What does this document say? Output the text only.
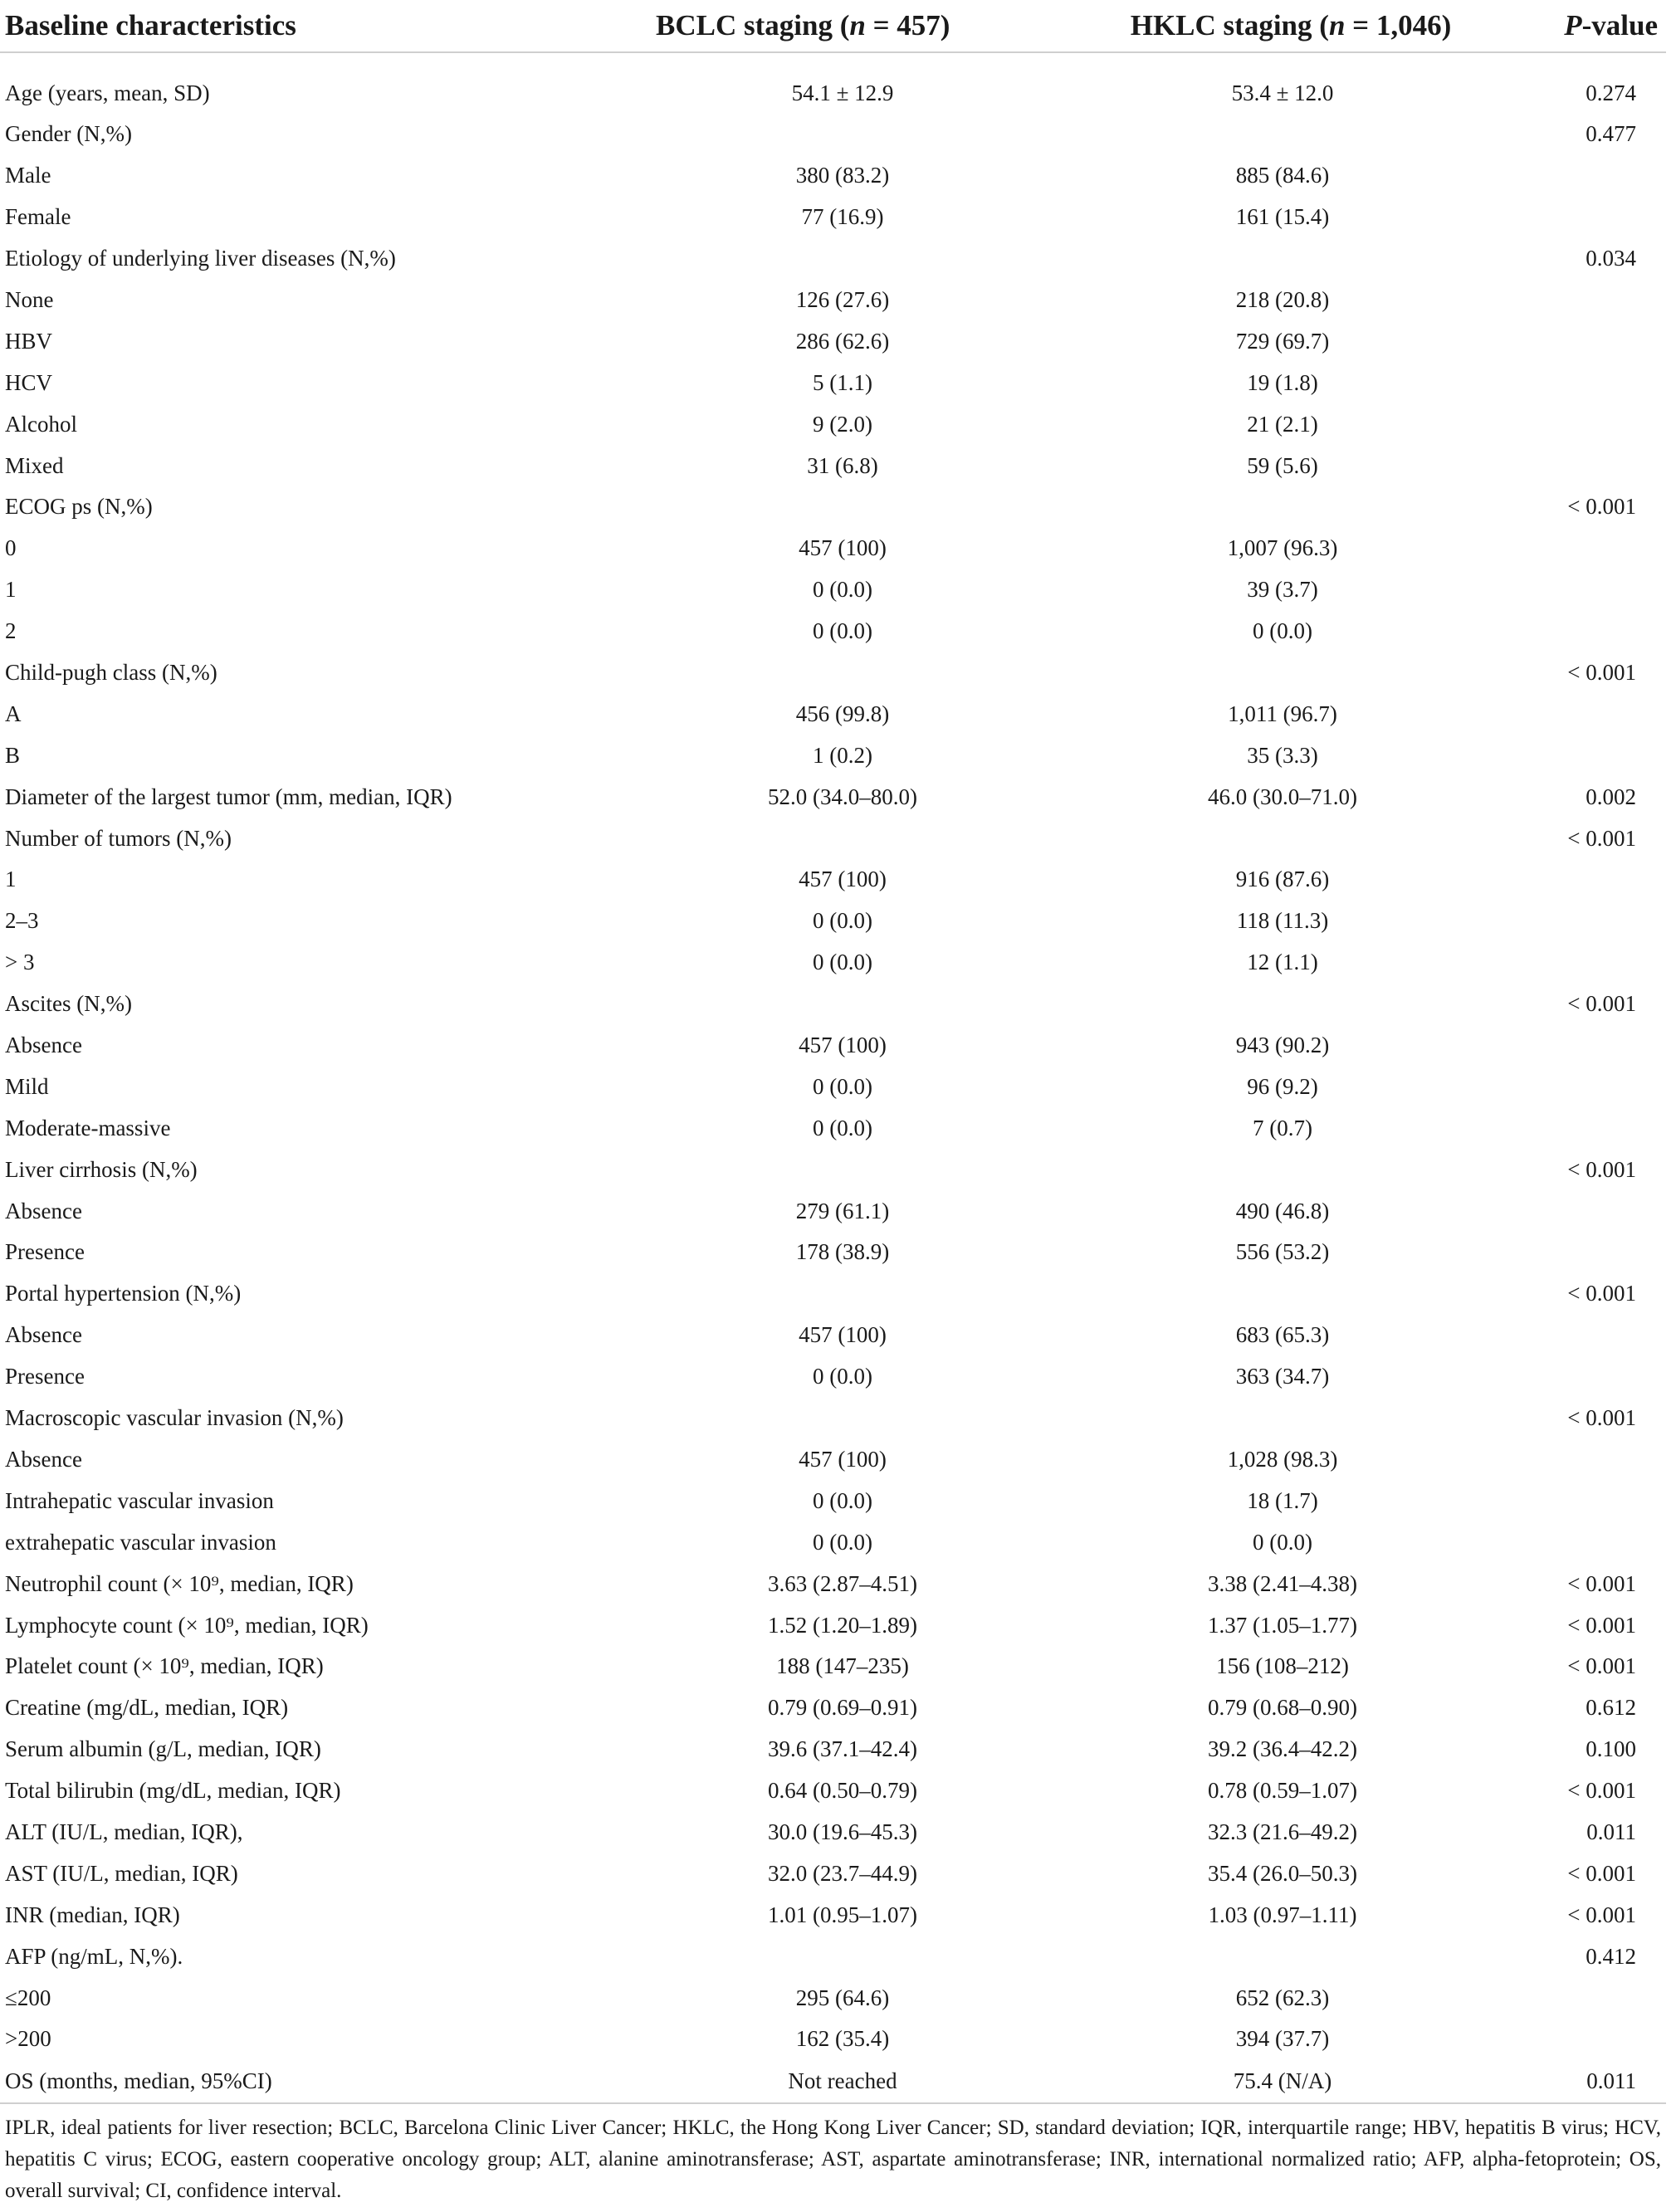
Baseline characteristics	BCLC staging (n = 457)	HKLC staging (n = 1,046)	P-value
Age (years, mean, SD)	54.1 ± 12.9	53.4 ± 12.0	0.274
Gender (N,%)			0.477
Male	380 (83.2)	885 (84.6)	
Female	77 (16.9)	161 (15.4)	
Etiology of underlying liver diseases (N,%)			0.034
None	126 (27.6)	218 (20.8)	
HBV	286 (62.6)	729 (69.7)	
HCV	5 (1.1)	19 (1.8)	
Alcohol	9 (2.0)	21 (2.1)	
Mixed	31 (6.8)	59 (5.6)	
ECOG ps (N,%)			< 0.001
0	457 (100)	1,007 (96.3)	
1	0 (0.0)	39 (3.7)	
2	0 (0.0)	0 (0.0)	
Child-pugh class (N,%)			< 0.001
A	456 (99.8)	1,011 (96.7)	
B	1 (0.2)	35 (3.3)	
Diameter of the largest tumor (mm, median, IQR)	52.0 (34.0–80.0)	46.0 (30.0–71.0)	0.002
Number of tumors (N,%)			< 0.001
1	457 (100)	916 (87.6)	
2–3	0 (0.0)	118 (11.3)	
> 3	0 (0.0)	12 (1.1)	
Ascites (N,%)			< 0.001
Absence	457 (100)	943 (90.2)	
Mild	0 (0.0)	96 (9.2)	
Moderate-massive	0 (0.0)	7 (0.7)	
Liver cirrhosis (N,%)			< 0.001
Absence	279 (61.1)	490 (46.8)	
Presence	178 (38.9)	556 (53.2)	
Portal hypertension (N,%)			< 0.001
Absence	457 (100)	683 (65.3)	
Presence	0 (0.0)	363 (34.7)	
Macroscopic vascular invasion (N,%)			< 0.001
Absence	457 (100)	1,028 (98.3)	
Intrahepatic vascular invasion	0 (0.0)	18 (1.7)	
extrahepatic vascular invasion	0 (0.0)	0 (0.0)	
Neutrophil count (× 10⁹, median, IQR)	3.63 (2.87–4.51)	3.38 (2.41–4.38)	< 0.001
Lymphocyte count (× 10⁹, median, IQR)	1.52 (1.20–1.89)	1.37 (1.05–1.77)	< 0.001
Platelet count (× 10⁹, median, IQR)	188 (147–235)	156 (108–212)	< 0.001
Creatine (mg/dL, median, IQR)	0.79 (0.69–0.91)	0.79 (0.68–0.90)	0.612
Serum albumin (g/L, median, IQR)	39.6 (37.1–42.4)	39.2 (36.4–42.2)	0.100
Total bilirubin (mg/dL, median, IQR)	0.64 (0.50–0.79)	0.78 (0.59–1.07)	< 0.001
ALT (IU/L, median, IQR),	30.0 (19.6–45.3)	32.3 (21.6–49.2)	0.011
AST (IU/L, median, IQR)	32.0 (23.7–44.9)	35.4 (26.0–50.3)	< 0.001
INR (median, IQR)	1.01 (0.95–1.07)	1.03 (0.97–1.11)	< 0.001
AFP (ng/mL, N,%).			0.412
≤200	295 (64.6)	652 (62.3)	
>200	162 (35.4)	394 (37.7)	
OS (months, median, 95%CI)	Not reached	75.4 (N/A)	0.011
IPLR, ideal patients for liver resection; BCLC, Barcelona Clinic Liver Cancer; HKLC, the Hong Kong Liver Cancer; SD, standard deviation; IQR, interquartile range; HBV, hepatitis B virus; HCV, hepatitis C virus; ECOG, eastern cooperative oncology group; ALT, alanine aminotransferase; AST, aspartate aminotransferase; INR, international normalized ratio; AFP, alpha-fetoprotein; OS, overall survival; CI, confidence interval.
